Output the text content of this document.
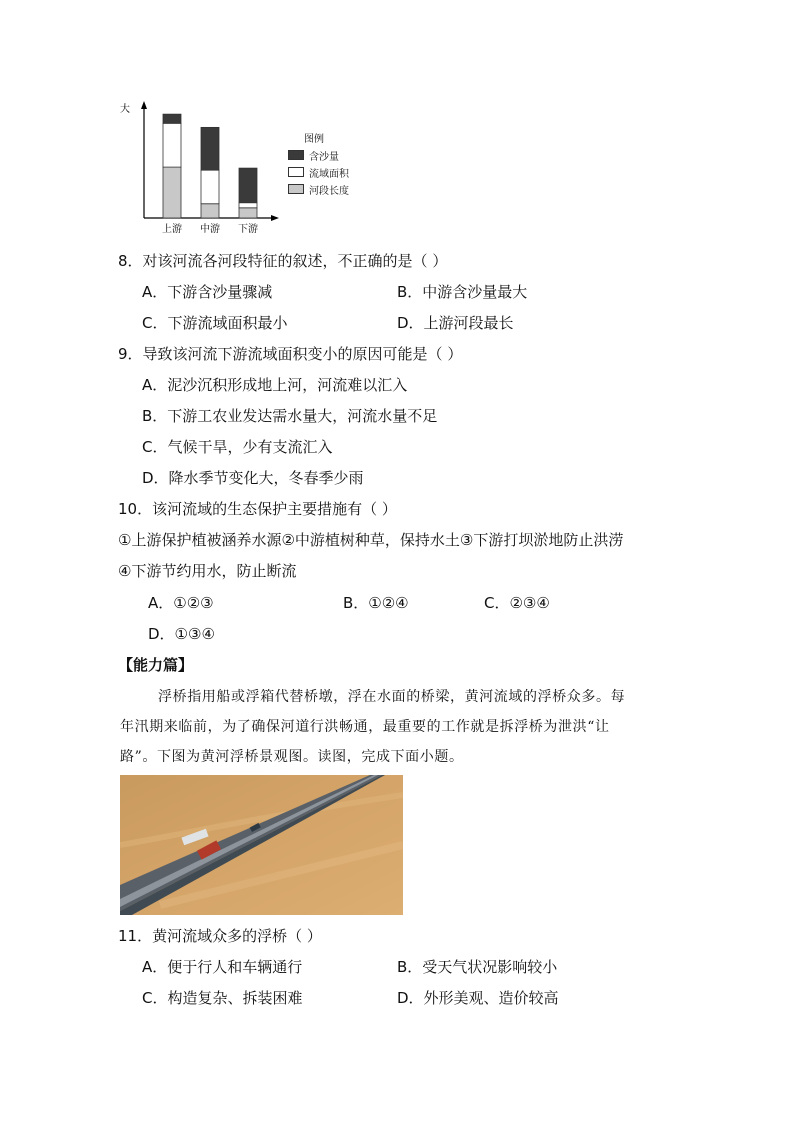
大
上游 中游 下游
图例
含沙量
流域面积
河段长度
8．对该河流各河段特征的叙述，不正确的是（ ）
A．下游含沙量骤减	B．中游含沙量最大
C．下游流域面积最小	D．上游河段最长
9．导致该河流下游流域面积变小的原因可能是（ ）
A．泥沙沉积形成地上河，河流难以汇入
B．下游工农业发达需水量大，河流水量不足
C．气候干旱，少有支流汇入
D．降水季节变化大，冬春季少雨
10．该河流域的生态保护主要措施有（ ）
①上游保护植被涵养水源②中游植树种草，保持水土③下游打坝淤地防止洪涝
④下游节约用水，防止断流
A．①②③	B．①②④	C．②③④
D．①③④
【能力篇】
浮桥指用船或浮箱代替桥墩，浮在水面的桥梁，黄河流域的浮桥众多。每
年汛期来临前，为了确保河道行洪畅通，最重要的工作就是拆浮桥为泄洪“让
路”。下图为黄河浮桥景观图。读图，完成下面小题。
11．黄河流域众多的浮桥（ ）
A．便于行人和车辆通行	B．受天气状况影响较小
C．构造复杂、拆装困难	D．外形美观、造价较高
